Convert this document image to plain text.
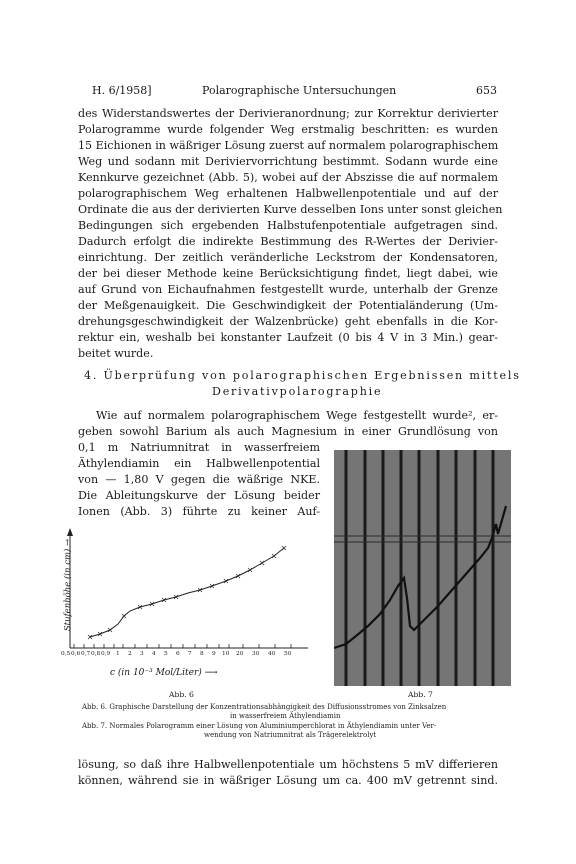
H. 6/1958]	Polarographische Untersuchungen	653
des Widerstandswertes der Derivieranordnung; zur Korrektur derivierter
Polarogramme wurde folgender Weg erstmalig beschritten: es wurden
15 Eichionen in wäßriger Lösung zuerst auf normalem polarographischem
Weg und sodann mit Deriviervorrichtung bestimmt. Sodann wurde eine
Kennkurve gezeichnet (Abb. 5), wobei auf der Abszisse die auf normalem
polarographischem Weg erhaltenen Halbwellenpotentiale und auf der
Ordinate die aus der derivierten Kurve desselben Ions unter sonst gleichen
Bedingungen sich ergebenden Halbstufenpotentiale aufgetragen sind.
Dadurch erfolgt die indirekte Bestimmung des R-Wertes der Derivier-
einrichtung. Der zeitlich veränderliche Leckstrom der Kondensatoren,
der bei dieser Methode keine Berücksichtigung findet, liegt dabei, wie
auf Grund von Eichaufnahmen festgestellt wurde, unterhalb der Grenze
der Meßgenauigkeit. Die Geschwindigkeit der Potentialänderung (Um-
drehungsgeschwindigkeit der Walzenbrücke) geht ebenfalls in die Kor-
rektur ein, weshalb bei konstanter Laufzeit (0 bis 4 V in 3 Min.) gear-
beitet wurde.
4. Überprüfung von polarographischen Ergebnissen mittels
Derivativpolarographie
Wie auf normalem polarographischem Wege festgestellt wurde², er-
geben sowohl Barium als auch Magnesium in einer Grundlösung von
0,1 m Natriumnitrat in wasserfreiem
Äthylendiamin ein Halbwellenpotential
von — 1,80 V gegen die wäßrige NKE.
Die Ableitungskurve der Lösung beider
Ionen (Abb. 3) führte zu keiner Auf-
Stufenhöhe (in cm) →
0,5 0,6 0,7 0,8 0,9 1 2 3 4 5 6 7 8 9 10 20 30 40 50
c (in 10⁻³ Mol/Liter) ⟶
Abb. 6	Abb. 7
Abb. 6. Graphische Darstellung der Konzentrationsabhängigkeit des Diffusionsstromes von Zinksalzen
in wasserfreiem Äthylendiamin
Abb. 7. Normales Polarogramm einer Lösung von Aluminiumperchlorat in Äthylendiamin unter Ver-
wendung von Natriumnitrat als Trägerelektrolyt
lösung, so daß ihre Halbwellenpotentiale um höchstens 5 mV differieren
können, während sie in wäßriger Lösung um ca. 400 mV getrennt sind.
